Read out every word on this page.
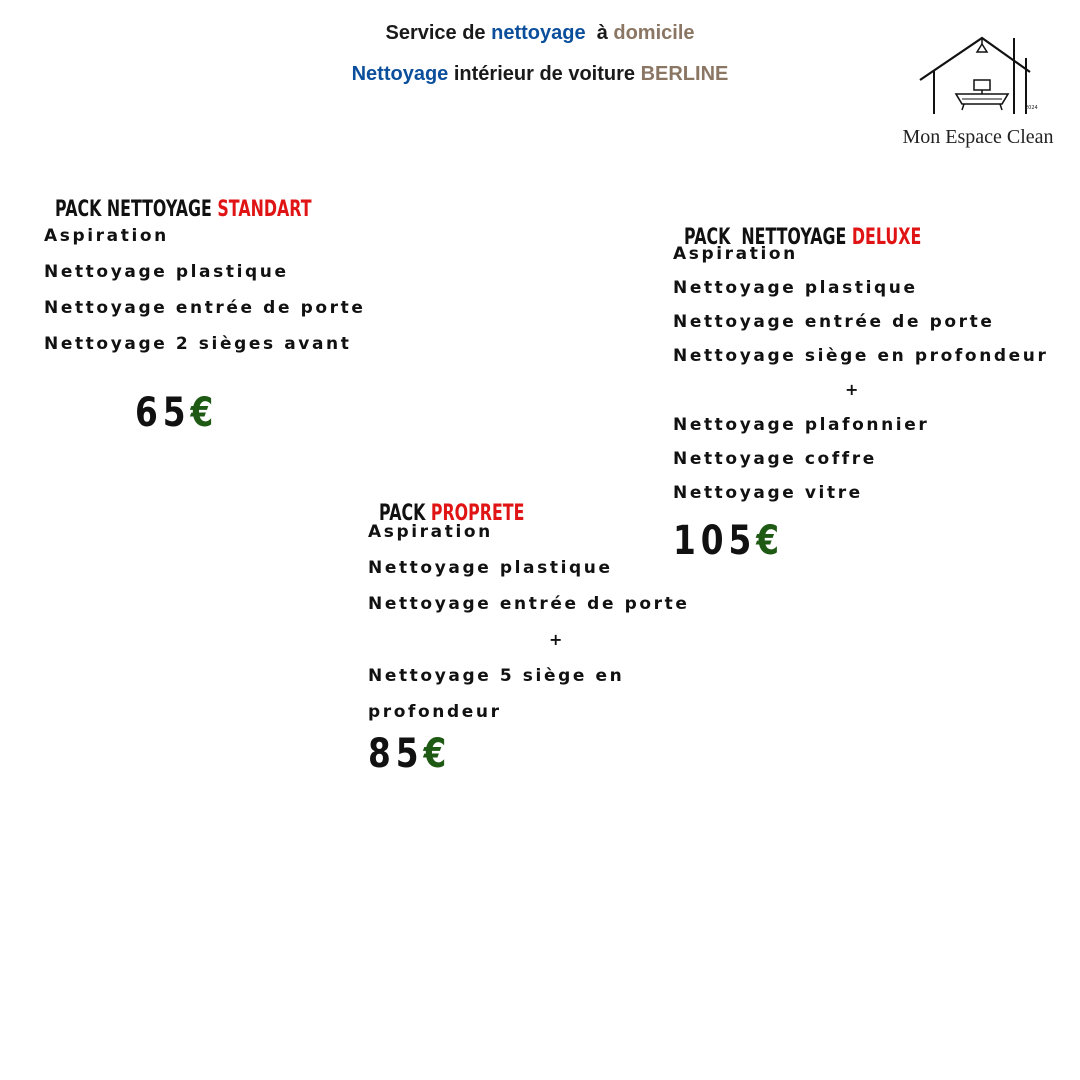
Service de nettoyage  à domicile
Nettoyage intérieur de voiture BERLINE
2024
Mon Espace Clean

PACK NETTOYAGE STANDART

Aspiration
Nettoyage plastique
Nettoyage entrée de porte
Nettoyage 2 sièges avant
65€

PACK  NETTOYAGE DELUXE

Aspiration
Nettoyage plastique
Nettoyage entrée de porte
Nettoyage siège en profondeur
+
Nettoyage plafonnier
Nettoyage coffre
Nettoyage vitre
105€

PACK PROPRETE

Aspiration
Nettoyage plastique
Nettoyage entrée de porte
+
Nettoyage 5 siège en
profondeur
85€
